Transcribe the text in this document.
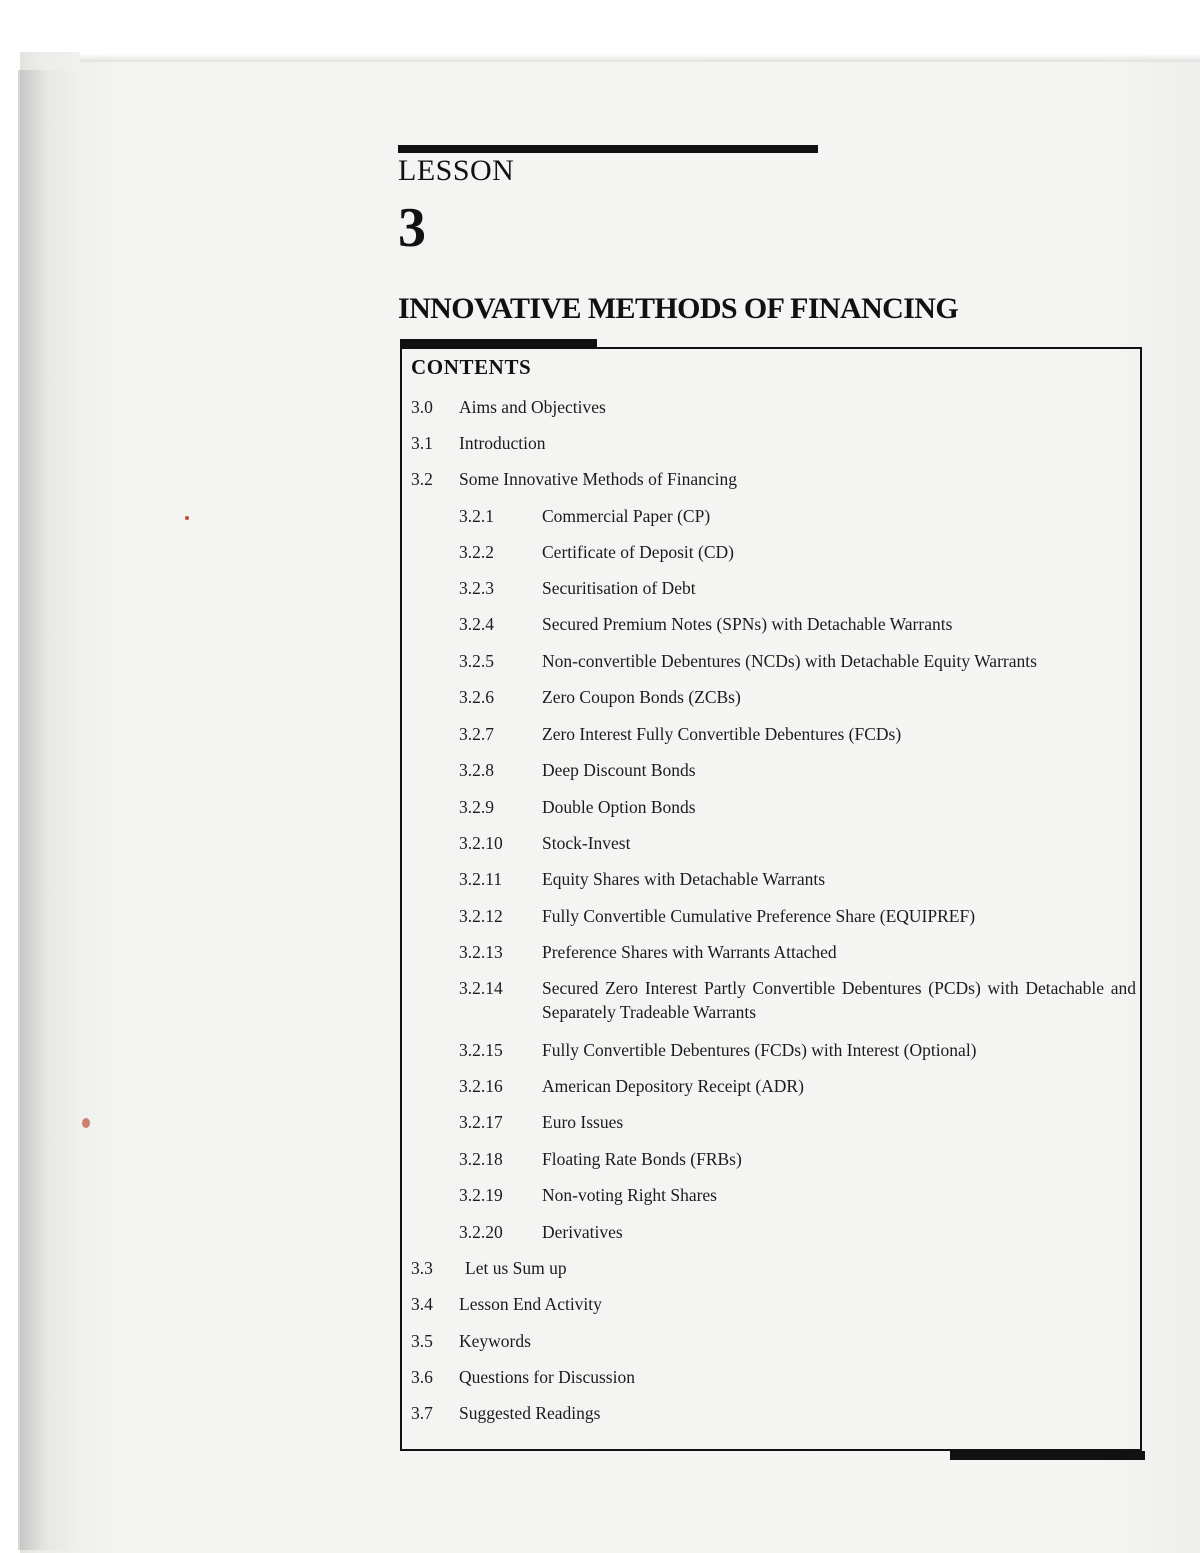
LESSON
3
INNOVATIVE METHODS OF FINANCING
CONTENTS
3.0 Aims and Objectives
3.1 Introduction
3.2 Some Innovative Methods of Financing
3.2.1	Commercial Paper (CP)
3.2.2	Certificate of Deposit (CD)
3.2.3	Securitisation of Debt
3.2.4	Secured Premium Notes (SPNs) with Detachable Warrants
3.2.5	Non-convertible Debentures (NCDs) with Detachable Equity Warrants
3.2.6	Zero Coupon Bonds (ZCBs)
3.2.7	Zero Interest Fully Convertible Debentures (FCDs)
3.2.8	Deep Discount Bonds
3.2.9	Double Option Bonds
3.2.10 Stock-Invest
3.2.11 Equity Shares with Detachable Warrants
3.2.12 Fully Convertible Cumulative Preference Share (EQUIPREF)
3.2.13 Preference Shares with Warrants Attached
3.2.14 Secured Zero Interest Partly Convertible Debentures (PCDs) with Detachable and Separately Tradeable Warrants
3.2.15 Fully Convertible Debentures (FCDs) with Interest (Optional)
3.2.16 American Depository Receipt (ADR)
3.2.17 Euro Issues
3.2.18 Floating Rate Bonds (FRBs)
3.2.19 Non-voting Right Shares
3.2.20 Derivatives
3.3 Let us Sum up
3.4 Lesson End Activity
3.5 Keywords
3.6 Questions for Discussion
3.7 Suggested Readings
